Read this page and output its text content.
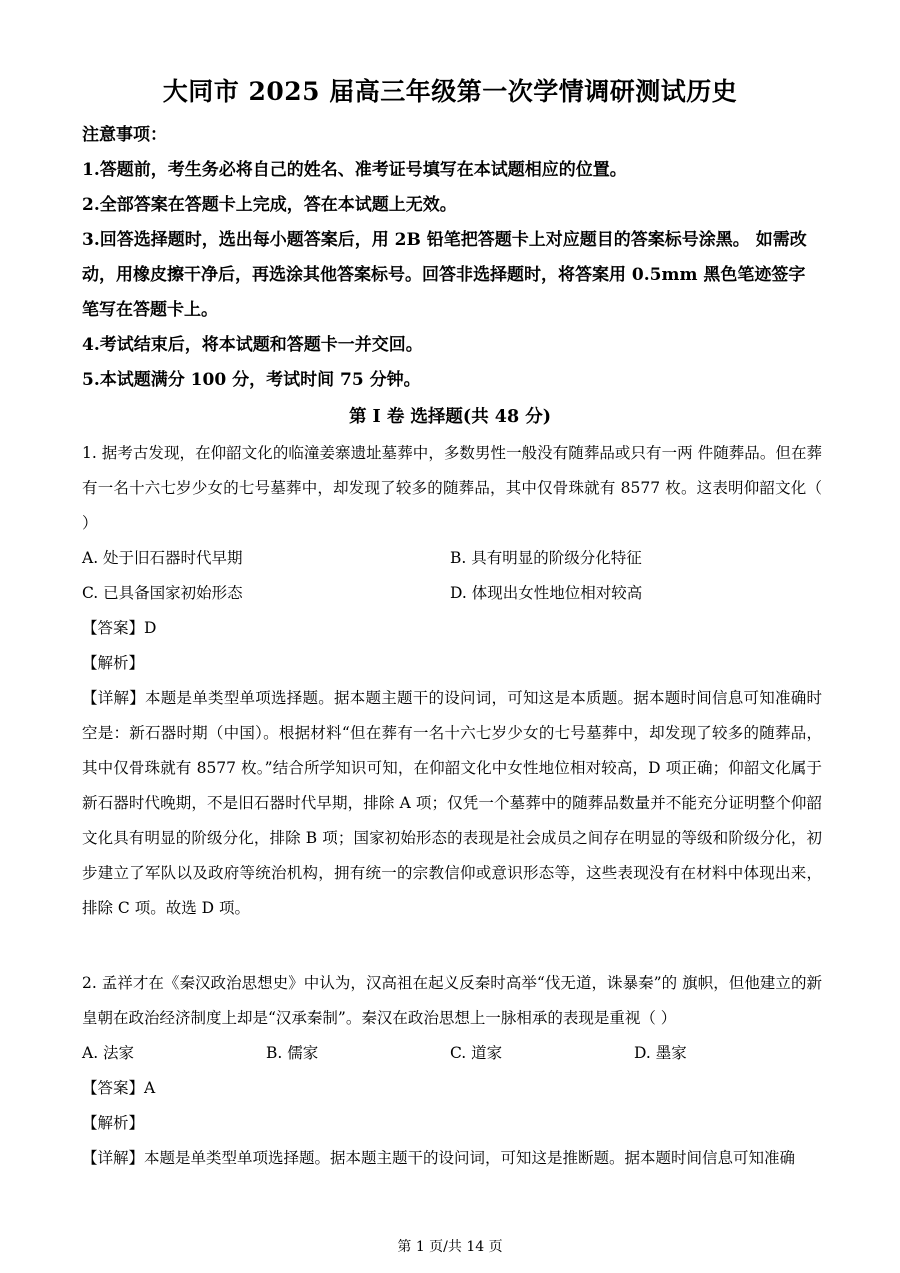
大同市 2025 届高三年级第一次学情调研测试历史

注意事项：

1.答题前，考生务必将自己的姓名、准考证号填写在本试题相应的位置。

2.全部答案在答题卡上完成，答在本试题上无效。

3.回答选择题时，选出每小题答案后，用 2B 铅笔把答题卡上对应题目的答案标号涂黑。 如需改动，用橡皮擦干净后，再选涂其他答案标号。回答非选择题时，将答案用 0.5mm 黑色笔迹签字笔写在答题卡上。

4.考试结束后，将本试题和答题卡一并交回。

5.本试题满分 100 分，考试时间 75 分钟。

第 I 卷 选择题(共 48 分)

1. 据考古发现，在仰韶文化的临潼姜寨遗址墓葬中，多数男性一般没有随葬品或只有一两 件随葬品。但在葬有一名十六七岁少女的七号墓葬中，却发现了较多的随葬品，其中仅骨珠就有 8577 枚。这表明仰韶文化（ ）

A. 处于旧石器时代早期	B. 具有明显的阶级分化特征
C. 已具备国家初始形态	D. 体现出女性地位相对较高

【答案】D

【解析】

【详解】本题是单类型单项选择题。据本题主题干的设问词，可知这是本质题。据本题时间信息可知准确时空是：新石器时期（中国）。根据材料“但在葬有一名十六七岁少女的七号墓葬中，却发现了较多的随葬品，其中仅骨珠就有 8577 枚。”结合所学知识可知，在仰韶文化中女性地位相对较高，D 项正确；仰韶文化属于新石器时代晚期，不是旧石器时代早期，排除 A 项；仅凭一个墓葬中的随葬品数量并不能充分证明整个仰韶文化具有明显的阶级分化，排除 B 项；国家初始形态的表现是社会成员之间存在明显的等级和阶级分化，初步建立了军队以及政府等统治机构，拥有统一的宗教信仰或意识形态等，这些表现没有在材料中体现出来，排除 C 项。故选 D 项。

2. 孟祥才在《秦汉政治思想史》中认为，汉高祖在起义反秦时高举“伐无道，诛暴秦”的 旗帜，但他建立的新皇朝在政治经济制度上却是“汉承秦制”。秦汉在政治思想上一脉相承的表现是重视（ ）

A. 法家	B. 儒家	C. 道家	D. 墨家

【答案】A

【解析】

【详解】本题是单类型单项选择题。据本题主题干的设问词，可知这是推断题。据本题时间信息可知准确

第 1 页/共 14 页
